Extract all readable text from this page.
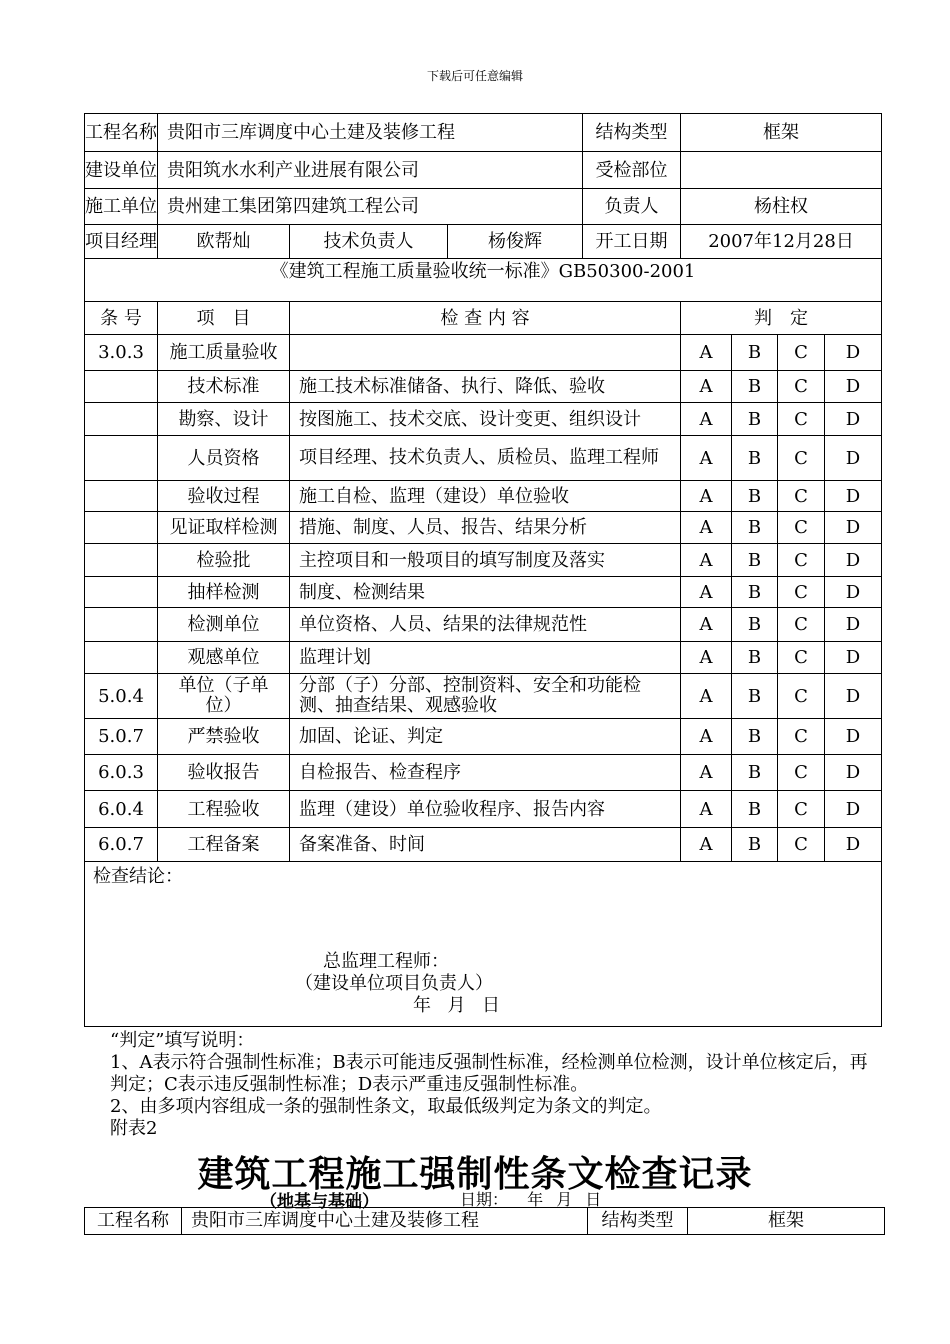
下载后可任意编辑
工程名称	贵阳市三库调度中心土建及装修工程			结构类型	框架			
建设单位	贵阳筑水水利产业进展有限公司			受检部位				
施工单位	贵州建工集团第四建筑工程公司			负责人	杨柱权			
项目经理	欧帮灿	技术负责人	杨俊辉	开工日期	2007年12月28日			
《建筑工程施工质量验收统一标准》GB50300-2001								
条 号	项　目	检 查 内 容			判　定			
3.0.3	施工质量验收				A	B	C	D
	技术标准	施工技术标准储备、执行、降低、验收			A	B	C	D
	勘察、设计	按图施工、技术交底、设计变更、组织设计			A	B	C	D
	人员资格	项目经理、技术负责人、质检员、监理工程师			A	B	C	D
	验收过程	施工自检、监理（建设）单位验收			A	B	C	D
	见证取样检测	措施、制度、人员、报告、结果分析			A	B	C	D
	检验批	主控项目和一般项目的填写制度及落实			A	B	C	D
	抽样检测	制度、检测结果			A	B	C	D
	检测单位	单位资格、人员、结果的法律规范性			A	B	C	D
	观感单位	监理计划			A	B	C	D
5.0.4	单位（子单位）	分部（子）分部、控制资料、安全和功能检测、抽查结果、观感验收			A	B	C	D
5.0.7	严禁验收	加固、论证、判定			A	B	C	D
6.0.3	验收报告	自检报告、检查程序			A	B	C	D
6.0.4	工程验收	监理（建设）单位验收程序、报告内容			A	B	C	D
6.0.7	工程备案	备案准备、时间			A	B	C	D

检查结论：
总监理工程师：
（建设单位项目负责人）
年 月 日								
“判定”填写说明：
1、A表示符合强制性标准；B表示可能违反强制性标准，经检测单位检测，设计单位核定后，再判定；C表示违反强制性标准；D表示严重违反强制性标准。
2、由多项内容组成一条的强制性条文，取最低级判定为条文的判定。
附表2
建筑工程施工强制性条文检查记录
（地基与基础）	日期： 年 月 日
工程名称	贵阳市三库调度中心土建及装修工程	结构类型	框架
